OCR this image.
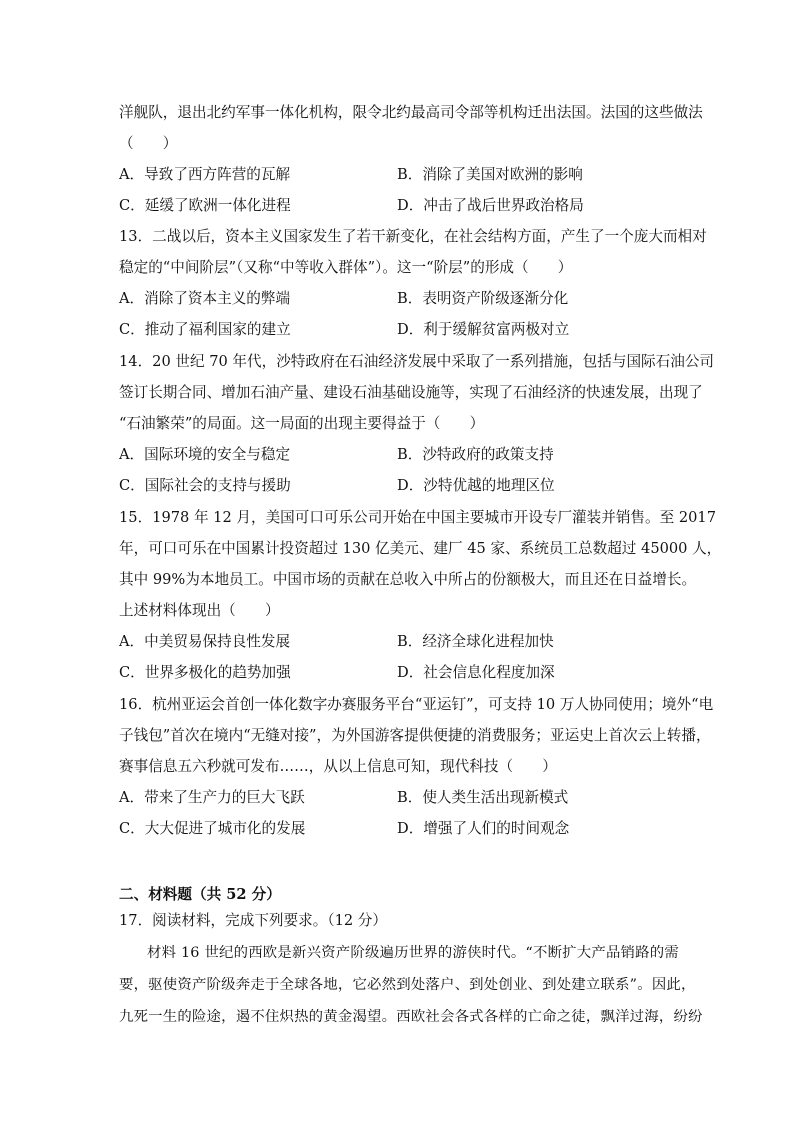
洋舰队，退出北约军事一体化机构，限令北约最高司令部等机构迁出法国。法国的这些做法
（　　）
A．导致了西方阵营的瓦解	B．消除了美国对欧洲的影响
C．延缓了欧洲一体化进程	D．冲击了战后世界政治格局
13．二战以后，资本主义国家发生了若干新变化，在社会结构方面，产生了一个庞大而相对
稳定的“中间阶层”（又称“中等收入群体”）。这一“阶层”的形成（　　）
A．消除了资本主义的弊端	B．表明资产阶级逐渐分化
C．推动了福利国家的建立	D．利于缓解贫富两极对立
14．20 世纪 70 年代，沙特政府在石油经济发展中采取了一系列措施，包括与国际石油公司
签订长期合同、增加石油产量、建设石油基础设施等，实现了石油经济的快速发展，出现了
“石油繁荣”的局面。这一局面的出现主要得益于（　　）
A．国际环境的安全与稳定	B．沙特政府的政策支持
C．国际社会的支持与援助	D．沙特优越的地理区位
15．1978 年 12 月，美国可口可乐公司开始在中国主要城市开设专厂灌装并销售。至 2017
年，可口可乐在中国累计投资超过 130 亿美元、建厂 45 家、系统员工总数超过 45000 人，
其中 99%为本地员工。中国市场的贡献在总收入中所占的份额极大，而且还在日益增长。
上述材料体现出（　　）
A．中美贸易保持良性发展	B．经济全球化进程加快
C．世界多极化的趋势加强	D．社会信息化程度加深
16．杭州亚运会首创一体化数字办赛服务平台“亚运钉”，可支持 10 万人协同使用；境外“电
子钱包”首次在境内“无缝对接”，为外国游客提供便捷的消费服务；亚运史上首次云上转播，
赛事信息五六秒就可发布……，从以上信息可知，现代科技（　　）
A．带来了生产力的巨大飞跃	B．使人类生活出现新模式
C．大大促进了城市化的发展	D．增强了人们的时间观念
二、材料题（共 52 分）
17．阅读材料，完成下列要求。（12 分）
材料 16 世纪的西欧是新兴资产阶级遍历世界的游侠时代。“不断扩大产品销路的需
要，驱使资产阶级奔走于全球各地，它必然到处落户、到处创业、到处建立联系”。因此，
九死一生的险途，遏不住炽热的黄金渴望。西欧社会各式各样的亡命之徒，飘洋过海，纷纷
